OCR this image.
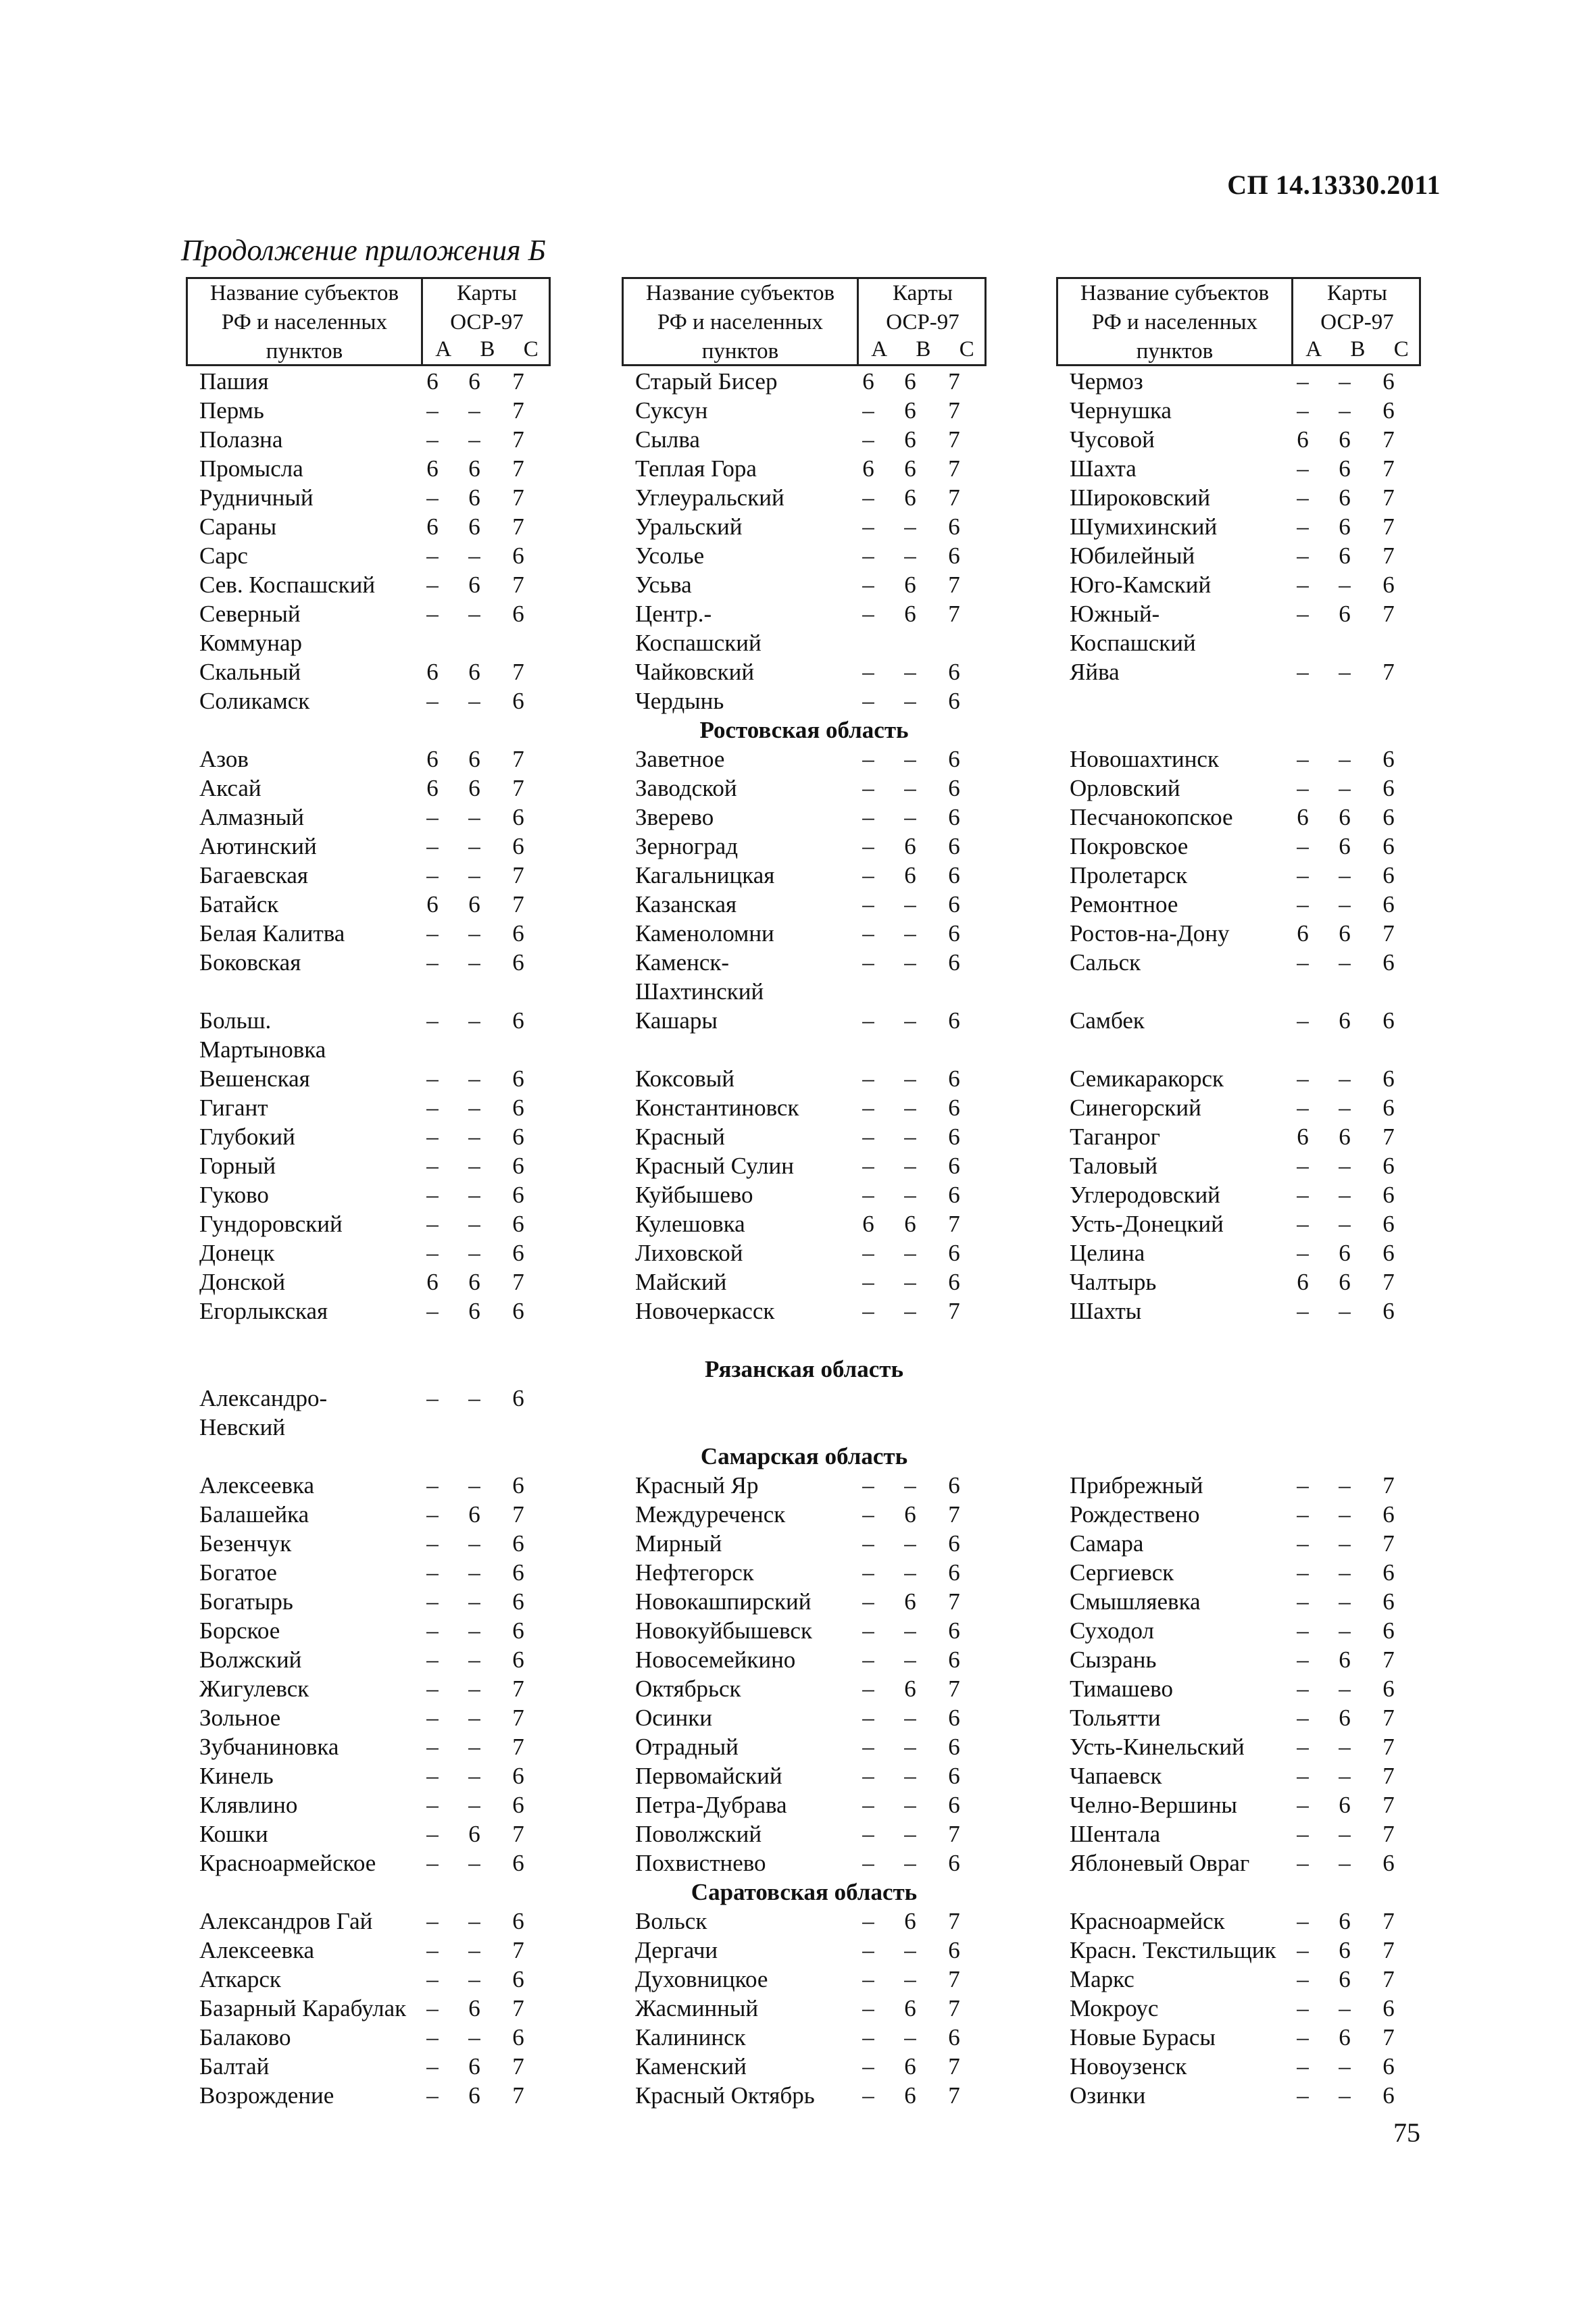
СП 14.13330.2011
Продолжение приложения Б
75
Название субъектов
РФ и населенных
пунктов
Карты
ОСР-97
A B C
Пашия	6	6	7
Пермь	–	–	7
Полазна	–	–	7
Промысла	6	6	7
Рудничный	–	6	7
Сараны	6	6	7
Сарс	–	–	6
Сев. Коспашский	–	6	7
Северный	–	–	6
Коммунар
Скальный	6	6	7
Соликамск	–	–	6
Азов	6	6	7
Аксай	6	6	7
Алмазный	–	–	6
Аютинский	–	–	6
Багаевская	–	–	7
Батайск	6	6	7
Белая Калитва	–	–	6
Боковская	–	–	6
Больш.	–	–	6
Мартыновка
Вешенская	–	–	6
Гигант	–	–	6
Глубокий	–	–	6
Горный	–	–	6
Гуково	–	–	6
Гундоровский	–	–	6
Донецк	–	–	6
Донской	6	6	7
Егорлыкская	–	6	6
Александро-	–	–	6
Невский
Алексеевка	–	–	6
Балашейка	–	6	7
Безенчук	–	–	6
Богатое	–	–	6
Богатырь	–	–	6
Борское	–	–	6
Волжский	–	–	6
Жигулевск	–	–	7
Зольное	–	–	7
Зубчаниновка	–	–	7
Кинель	–	–	6
Клявлино	–	–	6
Кошки	–	6	7
Красноармейское	–	–	6
Александров Гай	–	–	6
Алексеевка	–	–	7
Аткарск	–	–	6
Базарный Карабулак –	6	7
Балаково	–	–	6
Балтай	–	6	7
Возрождение	–	6	7
Название субъектов
РФ и населенных
пунктов
Карты
ОСР-97
A B C
Старый Бисер	6	6	7
Суксун	–	6	7
Сылва	–	6	7
Теплая Гора	6	6	7
Углеуральский	–	6	7
Уральский	–	–	6
Усолье	–	–	6
Усьва	–	6	7
Центр.-	–	6	7
Коспашский
Чайковский	–	–	6
Чердынь	–	–	6
Заветное	–	–	6
Заводской	–	–	6
Зверево	–	–	6
Зерноград	–	6	6
Кагальницкая	–	6	6
Казанская	–	–	6
Каменоломни	–	–	6
Каменск-	–	–	6
Шахтинский
Кашары	–	–	6
Коксовый	–	–	6
Константиновск	–	–	6
Красный	–	–	6
Красный Сулин	–	–	6
Куйбышево	–	–	6
Кулешовка	6	6	7
Лиховской	–	–	6
Майский	–	–	6
Новочеркасск	–	–	7
Красный Яр	–	–	6
Междуреченск	–	6	7
Мирный	–	–	6
Нефтегорск	–	–	6
Новокашпирский	–	6	7
Новокуйбышевск	–	–	6
Новосемейкино	–	–	6
Октябрьск	–	6	7
Осинки	–	–	6
Отрадный	–	–	6
Первомайский	–	–	6
Петра-Дубрава	–	–	6
Поволжский	–	–	7
Похвистнево	–	–	6
Вольск	–	6	7
Дергачи	–	–	6
Духовницкое	–	–	7
Жасминный	–	6	7
Калининск	–	–	6
Каменский	–	6	7
Красный Октябрь	–	6	7
Название субъектов
РФ и населенных
пунктов
Карты
ОСР-97
A B C
Чермоз	–	–	6
Чернушка	–	–	6
Чусовой	6	6	7
Шахта	–	6	7
Широковский	–	6	7
Шумихинский	–	6	7
Юбилейный	–	6	7
Юго-Камский	–	–	6
Южный-	–	6	7
Коспашский
Яйва	–	–	7
Новошахтинск	–	–	6
Орловский	–	–	6
Песчанокопское	6	6	6
Покровское	–	6	6
Пролетарск	–	–	6
Ремонтное	–	–	6
Ростов-на-Дону	6	6	7
Сальск	–	–	6
Самбек	–	6	6
Семикаракорск	–	–	6
Синегорский	–	–	6
Таганрог	6	6	7
Таловый	–	–	6
Углеродовский	–	–	6
Усть-Донецкий	–	–	6
Целина	–	6	6
Чалтырь	6	6	7
Шахты	–	–	6
Прибрежный	–	–	7
Рождествено	–	–	6
Самара	–	–	7
Сергиевск	–	–	6
Смышляевка	–	–	6
Суходол	–	–	6
Сызрань	–	6	7
Тимашево	–	–	6
Тольятти	–	6	7
Усть-Кинельский	–	–	7
Чапаевск	–	–	7
Челно-Вершины	–	6	7
Шентала	–	–	7
Яблоневый Овраг	–	–	6
Красноармейск	–	6	7
Красн. Текстильщик –	6	7
Маркс	–	6	7
Мокроус	–	–	6
Новые Бурасы	–	6	7
Новоузенск	–	–	6
Озинки	–	–	6
Ростовская область
Рязанская область
Самарская область
Саратовская область
